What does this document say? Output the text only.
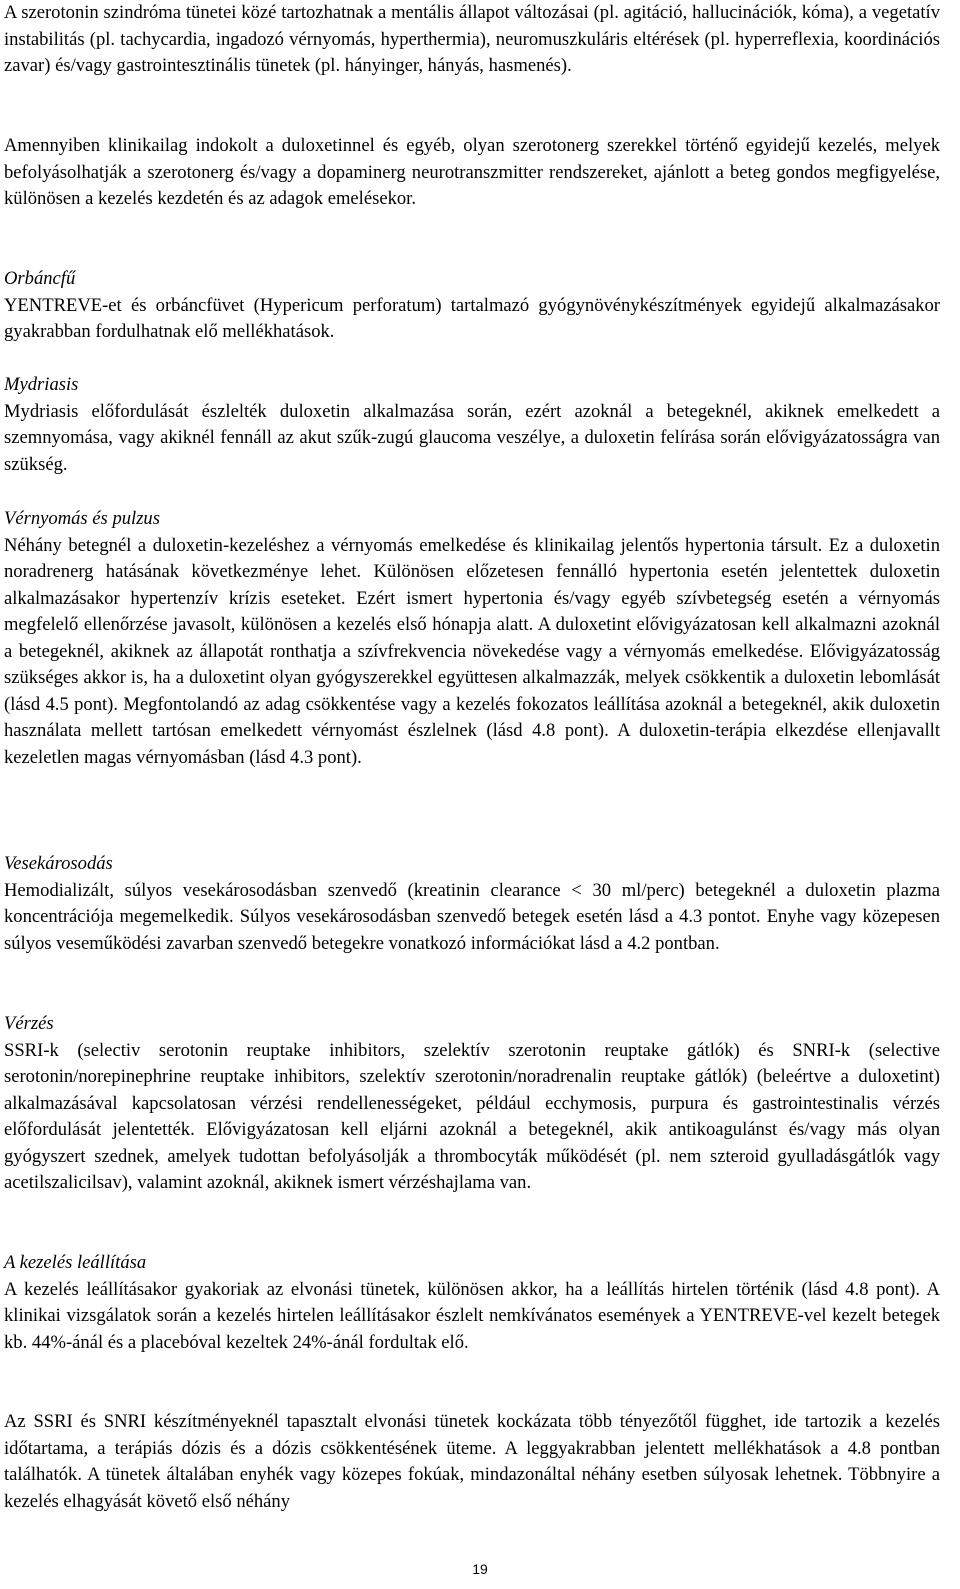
A szerotonin szindróma tünetei közé tartozhatnak a mentális állapot változásai (pl. agitáció, hallucinációk, kóma), a vegetatív instabilitás (pl. tachycardia, ingadozó vérnyomás, hyperthermia), neuromuszkuláris eltérések (pl. hyperreflexia, koordinációs zavar) és/vagy gastrointesztinális tünetek (pl. hányinger, hányás, hasmenés).

Amennyiben klinikailag indokolt a duloxetinnel és egyéb, olyan szerotonerg szerekkel történő egyidejű kezelés, melyek befolyásolhatják a szerotonerg és/vagy a dopaminerg neurotranszmitter rendszereket, ajánlott a beteg gondos megfigyelése, különösen a kezelés kezdetén és az adagok emelésekor.

Orbáncfű

YENTREVE-et és orbáncfüvet (Hypericum perforatum) tartalmazó gyógynövénykészítmények egyidejű alkalmazásakor gyakrabban fordulhatnak elő mellékhatások.

Mydriasis

Mydriasis előfordulását észlelték duloxetin alkalmazása során, ezért azoknál a betegeknél, akiknek emelkedett a szemnyomása, vagy akiknél fennáll az akut szűk-zugú glaucoma veszélye, a duloxetin felírása során elővigyázatosságra van szükség.

Vérnyomás és pulzus

Néhány betegnél a duloxetin-kezeléshez a vérnyomás emelkedése és klinikailag jelentős hypertonia társult. Ez a duloxetin noradrenerg hatásának következménye lehet. Különösen előzetesen fennálló hypertonia esetén jelentettek duloxetin alkalmazásakor hypertenzív krízis eseteket. Ezért ismert hypertonia és/vagy egyéb szívbetegség esetén a vérnyomás megfelelő ellenőrzése javasolt, különösen a kezelés első hónapja alatt. A duloxetint elővigyázatosan kell alkalmazni azoknál a betegeknél, akiknek az állapotát ronthatja a szívfrekvencia növekedése vagy a vérnyomás emelkedése. Elővigyázatosság szükséges akkor is, ha a duloxetint olyan gyógyszerekkel együttesen alkalmazzák, melyek csökkentik a duloxetin lebomlását (lásd 4.5 pont). Megfontolandó az adag csökkentése vagy a kezelés fokozatos leállítása azoknál a betegeknél, akik duloxetin használata mellett tartósan emelkedett vérnyomást észlelnek (lásd 4.8 pont). A duloxetin-terápia elkezdése ellenjavallt kezeletlen magas vérnyomásban (lásd 4.3 pont).

Vesekárosodás

Hemodializált, súlyos vesekárosodásban szenvedő (kreatinin clearance < 30 ml/perc) betegeknél a duloxetin plazma koncentrációja megemelkedik. Súlyos vesekárosodásban szenvedő betegek esetén lásd a 4.3 pontot. Enyhe vagy közepesen súlyos veseműködési zavarban szenvedő betegekre vonatkozó információkat lásd a 4.2 pontban.

Vérzés

SSRI-k (selectiv serotonin reuptake inhibitors, szelektív szerotonin reuptake gátlók) és SNRI-k (selective serotonin/norepinephrine reuptake inhibitors, szelektív szerotonin/noradrenalin reuptake gátlók) (beleértve a duloxetint) alkalmazásával kapcsolatosan vérzési rendellenességeket, például ecchymosis, purpura és gastrointestinalis vérzés előfordulását jelentették. Elővigyázatosan kell eljárni azoknál a betegeknél, akik antikoagulánst és/vagy más olyan gyógyszert szednek, amelyek tudottan befolyásolják a thrombocyták működését (pl. nem szteroid gyulladásgátlók vagy acetilszalicilsav), valamint azoknál, akiknek ismert vérzéshajlama van.

A kezelés leállítása

A kezelés leállításakor gyakoriak az elvonási tünetek, különösen akkor, ha a leállítás hirtelen történik (lásd 4.8 pont). A klinikai vizsgálatok során a kezelés hirtelen leállításakor észlelt nemkívánatos események a YENTREVE-vel kezelt betegek kb. 44%-ánál és a placebóval kezeltek 24%-ánál fordultak elő.

Az SSRI és SNRI készítményeknél tapasztalt elvonási tünetek kockázata több tényezőtől függhet, ide tartozik a kezelés időtartama, a terápiás dózis és a dózis csökkentésének üteme. A leggyakrabban jelentett mellékhatások a 4.8 pontban találhatók. A tünetek általában enyhék vagy közepes fokúak, mindazonáltal néhány esetben súlyosak lehetnek. Többnyire a kezelés elhagyását követő első néhány

19
